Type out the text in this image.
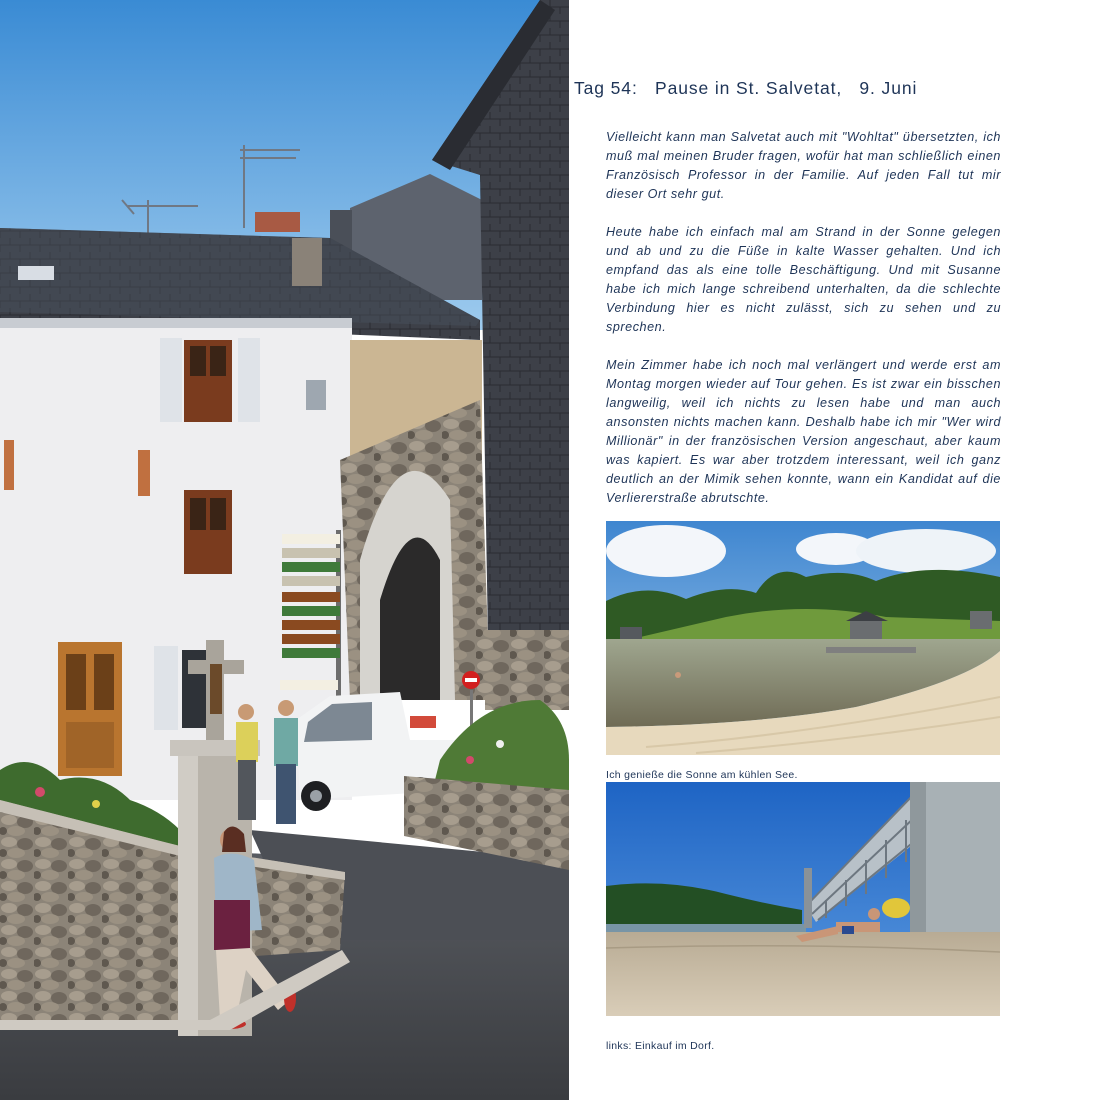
Tag 54:   Pause in St. Salvetat,   9. Juni

Vielleicht kann man Salvetat auch mit "Wohltat" übersetzten, ich muß mal meinen Bruder fragen, wofür hat man schließlich einen Französisch Professor in der Familie. Auf jeden Fall tut mir dieser Ort sehr gut.

Heute habe ich einfach mal am Strand in der Sonne gelegen und ab und zu die Füße in kalte Wasser gehalten. Und ich empfand das als eine tolle Beschäftigung. Und mit Susanne habe ich mich lange schreibend unterhalten, da die schlechte Verbindung hier es nicht zulässt, sich zu sehen und zu sprechen.

Mein Zimmer habe ich noch mal verlängert und werde erst am Montag morgen wieder auf Tour gehen. Es ist zwar ein bisschen langweilig, weil ich nichts zu lesen habe und man auch ansonsten nichts machen kann. Deshalb habe ich mir "Wer wird Millionär" in der französischen Version angeschaut, aber kaum was kapiert. Es war aber trotzdem interessant, weil ich ganz deutlich an der Mimik sehen konnte, wann ein Kandidat auf die Verliererstraße abrutschte.

Ich genieße die Sonne am kühlen See.

links: Einkauf im Dorf.
